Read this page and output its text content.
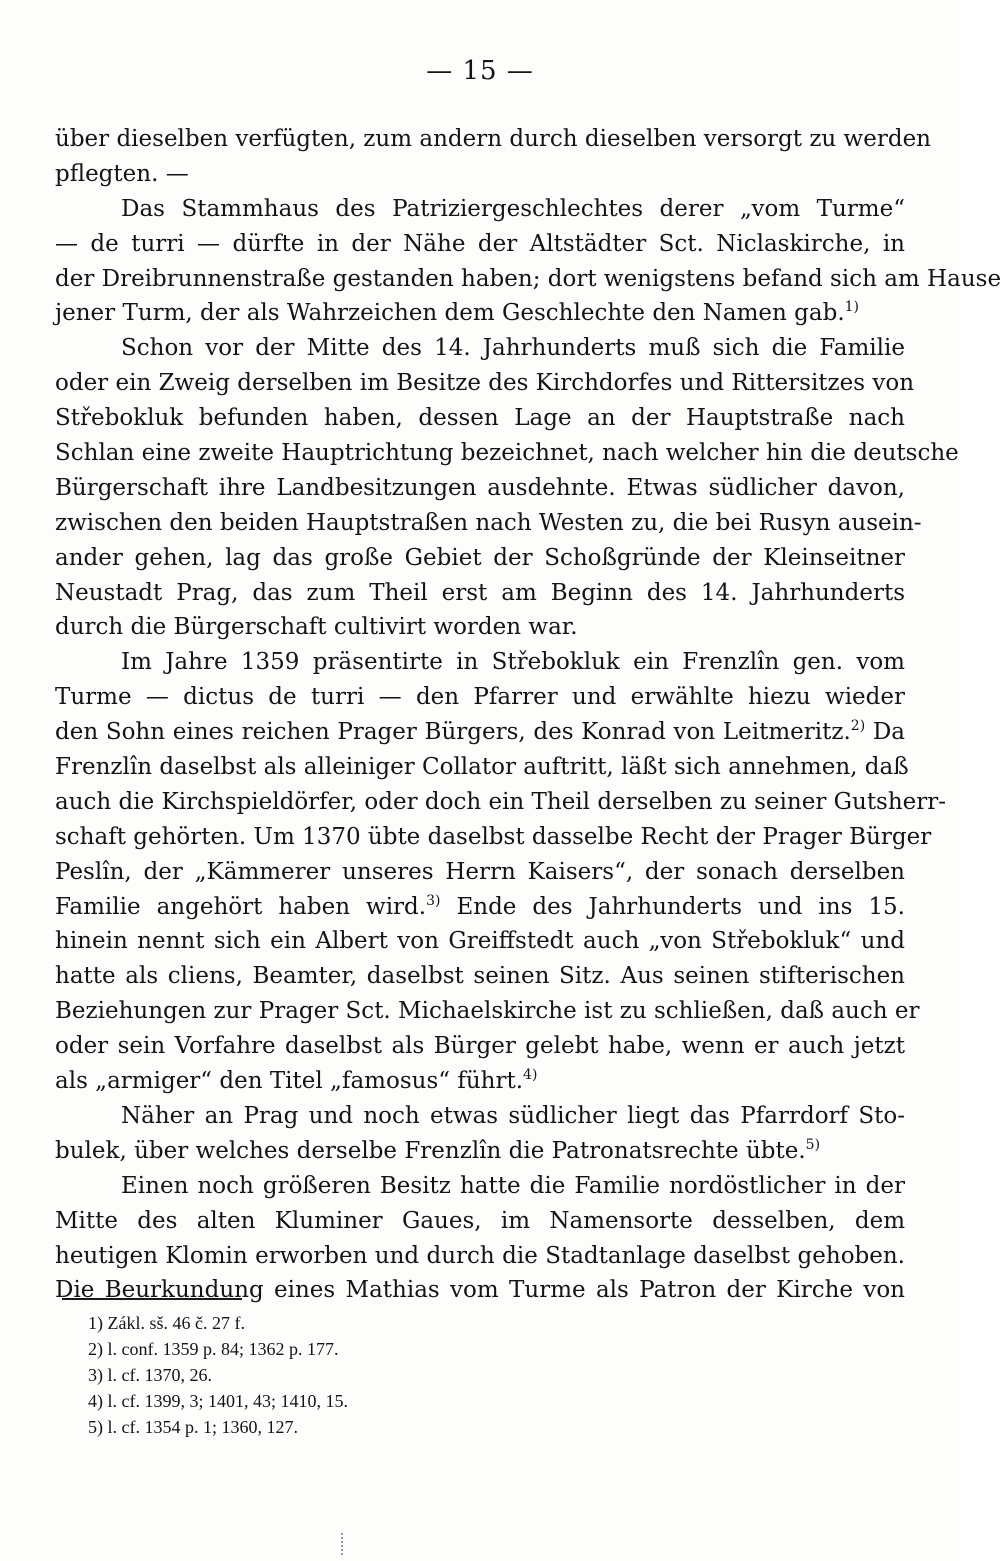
— 15 —
über dieselben verfügten, zum andern durch dieselben versorgt zu werden
pflegten. —
Das Stammhaus des Patriziergeschlechtes derer „vom Turme“
— de turri — dürfte in der Nähe der Altstädter Sct. Niclaskirche, in
der Dreibrunnenstraße gestanden haben; dort wenigstens befand sich am Hause
jener Turm, der als Wahrzeichen dem Geschlechte den Namen gab.$^{1)}$
Schon vor der Mitte des 14. Jahrhunderts muß sich die Familie
oder ein Zweig derselben im Besitze des Kirchdorfes und Rittersitzes von
Střebokluk befunden haben, dessen Lage an der Hauptstraße nach
Schlan eine zweite Hauptrichtung bezeichnet, nach welcher hin die deutsche
Bürgerschaft ihre Landbesitzungen ausdehnte. Etwas südlicher davon,
zwischen den beiden Hauptstraßen nach Westen zu, die bei Rusyn ausein-
ander gehen, lag das große Gebiet der Schoßgründe der Kleinseitner
Neustadt Prag, das zum Theil erst am Beginn des 14. Jahrhunderts
durch die Bürgerschaft cultivirt worden war.
Im Jahre 1359 präsentirte in Střebokluk ein Frenzlîn gen. vom
Turme — dictus de turri — den Pfarrer und erwählte hiezu wieder
den Sohn eines reichen Prager Bürgers, des Konrad von Leitmeritz.$^{2)}$ Da
Frenzlîn daselbst als alleiniger Collator auftritt, läßt sich annehmen, daß
auch die Kirchspieldörfer, oder doch ein Theil derselben zu seiner Gutsherr-
schaft gehörten. Um 1370 übte daselbst dasselbe Recht der Prager Bürger
Peslîn, der „Kämmerer unseres Herrn Kaisers“, der sonach derselben
Familie angehört haben wird.$^{3)}$ Ende des Jahrhunderts und ins 15.
hinein nennt sich ein Albert von Greiffstedt auch „von Střebokluk“ und
hatte als cliens, Beamter, daselbst seinen Sitz. Aus seinen stifterischen
Beziehungen zur Prager Sct. Michaelskirche ist zu schließen, daß auch er
oder sein Vorfahre daselbst als Bürger gelebt habe, wenn er auch jetzt
als „armiger“ den Titel „famosus“ führt.$^{4)}$
Näher an Prag und noch etwas südlicher liegt das Pfarrdorf Sto-
bulek, über welches derselbe Frenzlîn die Patronatsrechte übte.$^{5)}$
Einen noch größeren Besitz hatte die Familie nordöstlicher in der
Mitte des alten Kluminer Gaues, im Namensorte desselben, dem
heutigen Klomin erworben und durch die Stadtanlage daselbst gehoben.
Die Beurkundung eines Mathias vom Turme als Patron der Kirche von
1) Zákl. sš. 46 č. 27 f.
2) l. conf. 1359 p. 84; 1362 p. 177.
3) l. cf. 1370, 26.
4) l. cf. 1399, 3; 1401, 43; 1410, 15.
5) l. cf. 1354 p. 1; 1360, 127.
